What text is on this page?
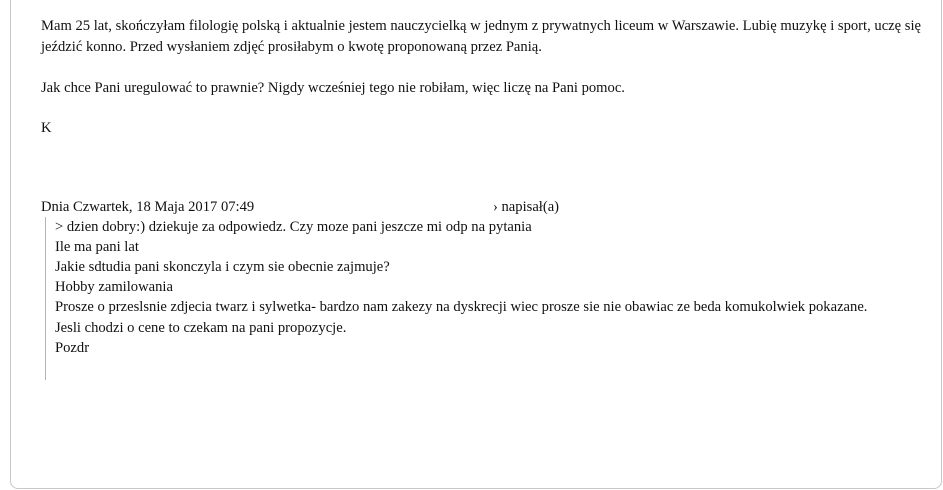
Mam 25 lat, skończyłam filologię polską i aktualnie jestem nauczycielką w jednym z prywatnych liceum w Warszawie. Lubię muzykę i sport, uczę się jeździć konno. Przed wysłaniem zdjęć prosiłabym o kwotę proponowaną przez Panią.
Jak chce Pani uregulować to prawnie? Nigdy wcześniej tego nie robiłam, więc liczę na Pani pomoc.
K
Dnia Czwartek, 18 Maja 2017 07:49	› napisał(a)
> dzien dobry:) dziekuje za odpowiedz. Czy moze pani jeszcze mi odp na pytania
Ile ma pani lat
Jakie sdtudia pani skonczyla i czym sie obecnie zajmuje?
Hobby zamilowania
Prosze o przeslsnie zdjecia twarz i sylwetka- bardzo nam zakezy na dyskrecji wiec prosze sie nie obawiac ze beda komukolwiek pokazane.
Jesli chodzi o cene to czekam na pani propozycje.
Pozdr
